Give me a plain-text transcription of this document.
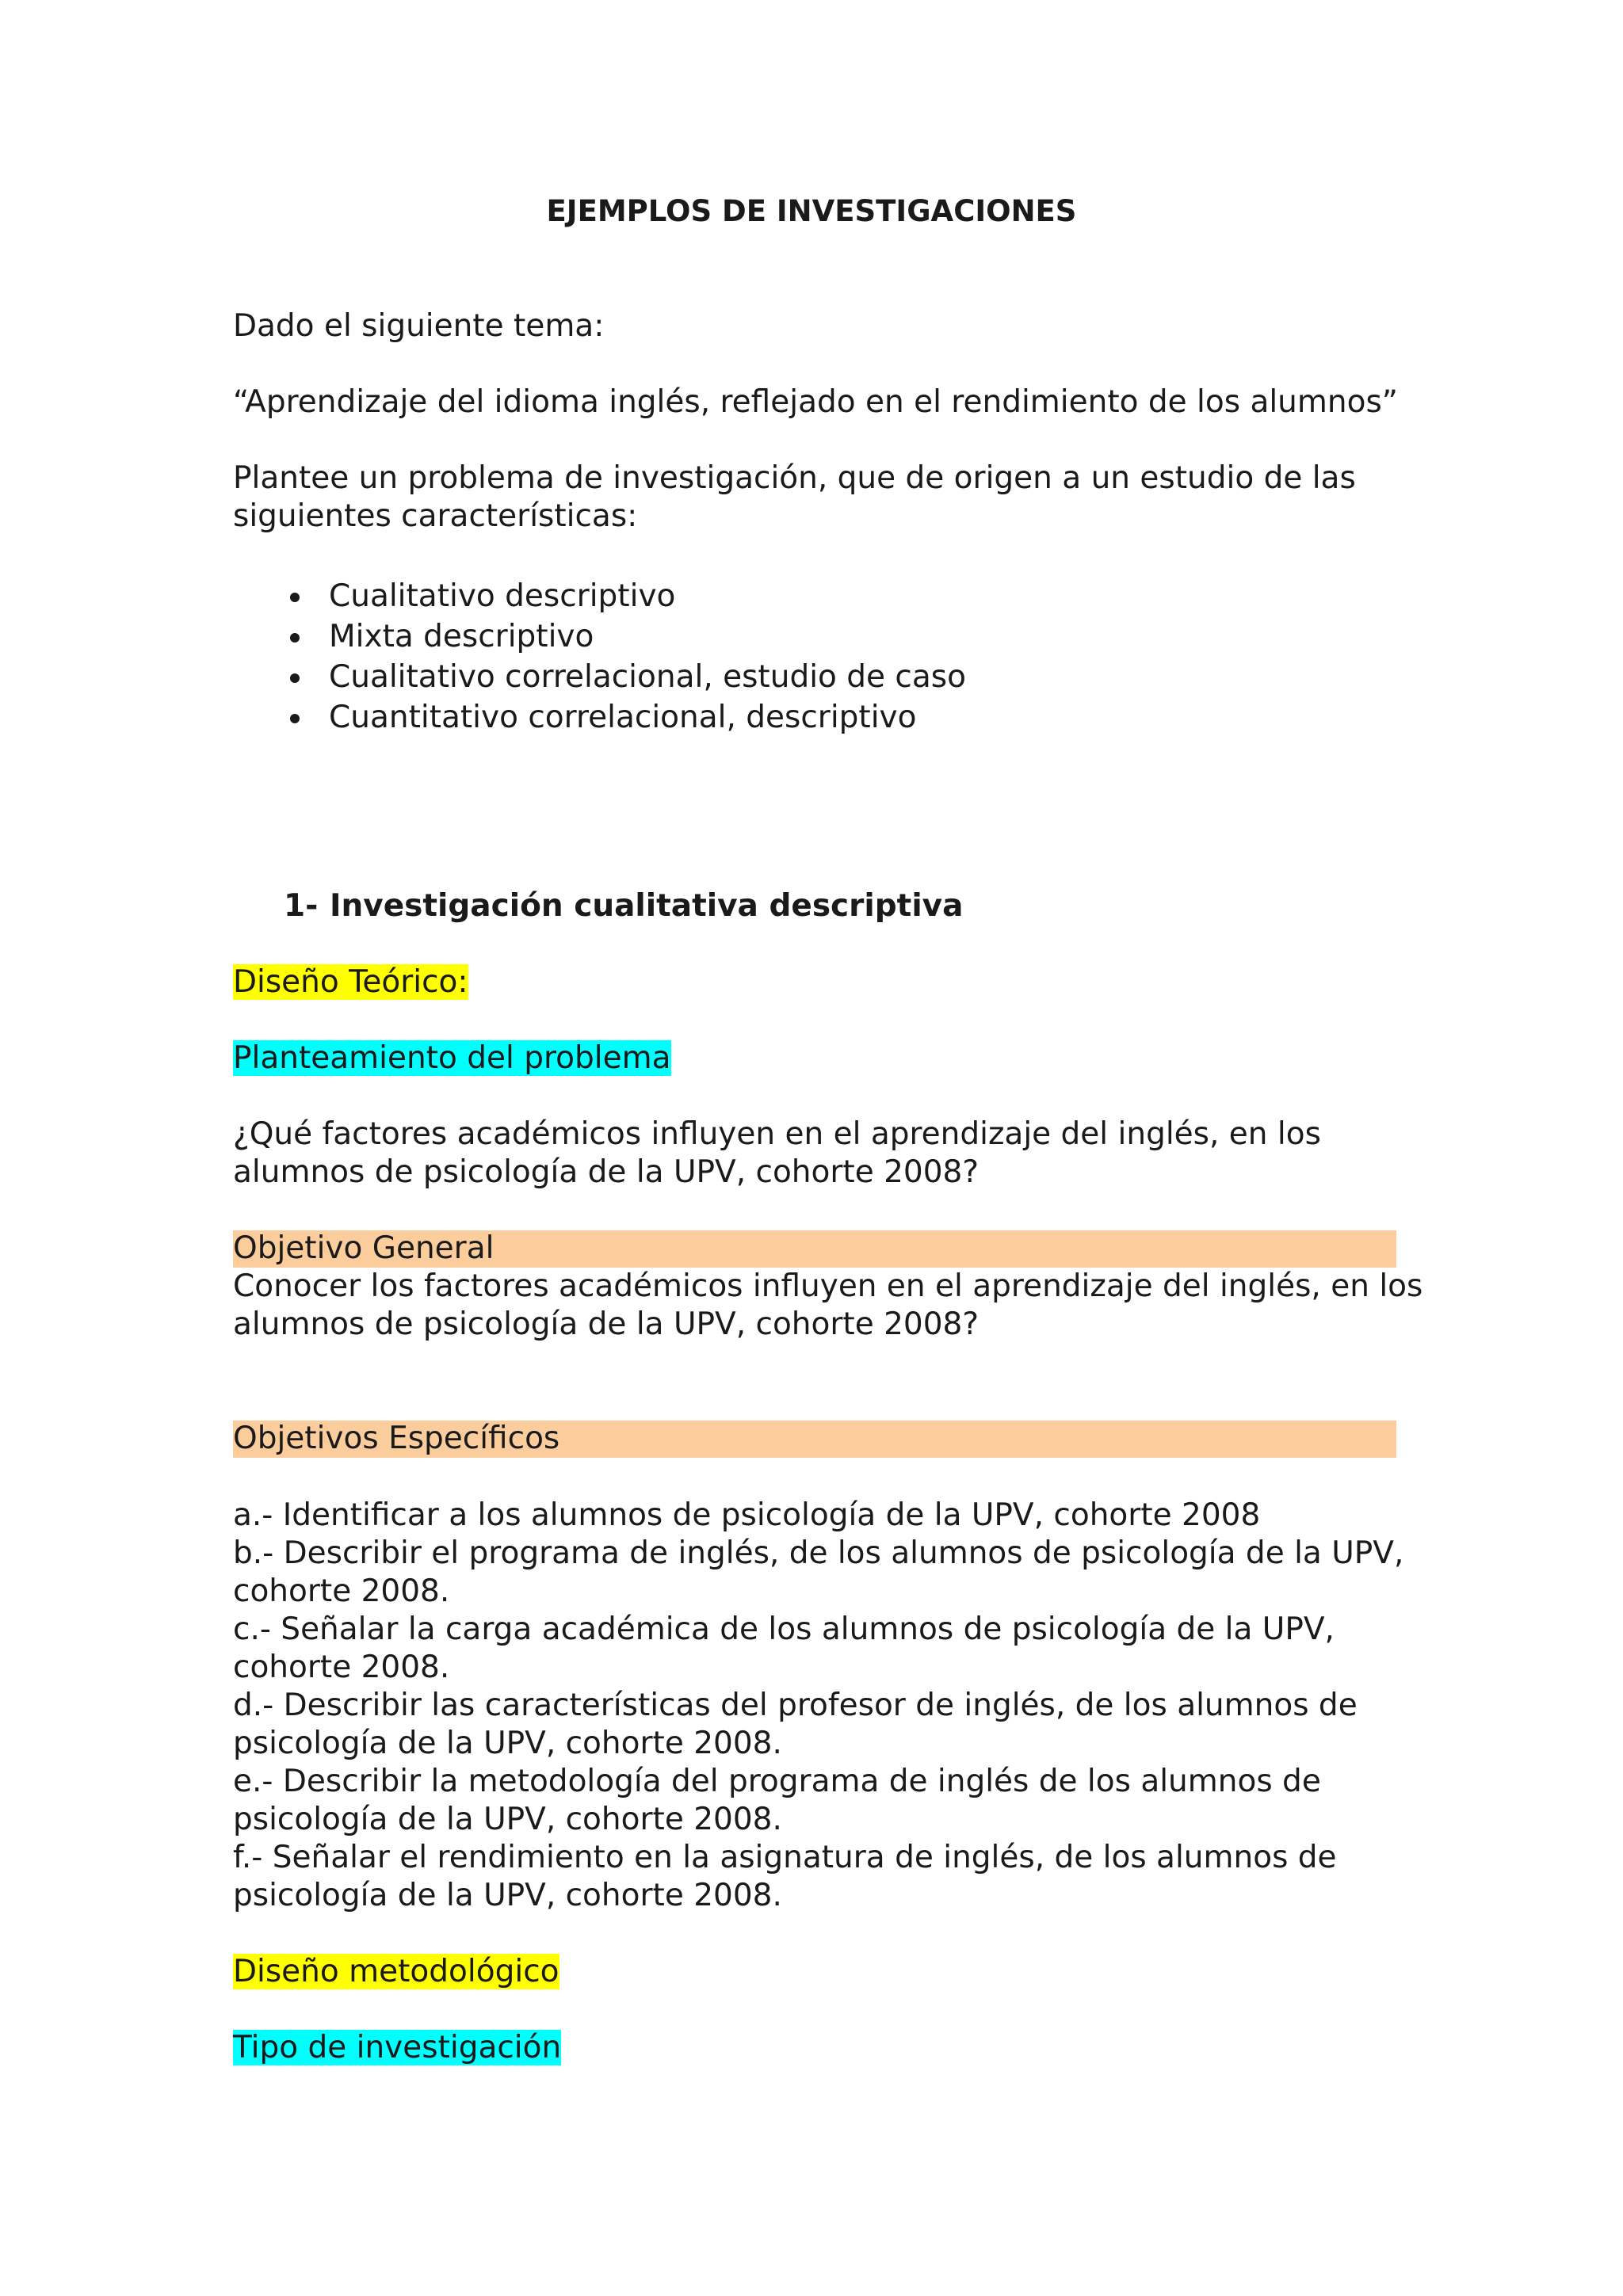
EJEMPLOS DE INVESTIGACIONES
Dado el siguiente tema:
“Aprendizaje del idioma inglés, reflejado en el rendimiento de los alumnos”
Plantee un problema de investigación, que de origen a un estudio de las
siguientes características:
Cualitativo descriptivo
Mixta descriptivo
Cualitativo correlacional, estudio de caso
Cuantitativo correlacional, descriptivo
1- Investigación cualitativa descriptiva
Diseño Teórico:
Planteamiento del problema
¿Qué factores académicos influyen en el aprendizaje del inglés, en los
alumnos de psicología de la UPV, cohorte 2008?
Objetivo General
Conocer los factores académicos influyen en el aprendizaje del inglés, en los
alumnos de psicología de la UPV, cohorte 2008?
Objetivos Específicos
a.- Identificar a los alumnos de psicología de la UPV, cohorte 2008
b.- Describir el programa de inglés, de los alumnos de psicología de la UPV,
cohorte 2008.
c.- Señalar la carga académica de los alumnos de psicología de la UPV,
cohorte 2008.
d.- Describir las características del profesor de inglés, de los alumnos de
psicología de la UPV, cohorte 2008.
e.- Describir la metodología del programa de inglés de los alumnos de
psicología de la UPV, cohorte 2008.
f.- Señalar el rendimiento en la asignatura de inglés, de los alumnos de
psicología de la UPV, cohorte 2008.
Diseño metodológico
Tipo de investigación
